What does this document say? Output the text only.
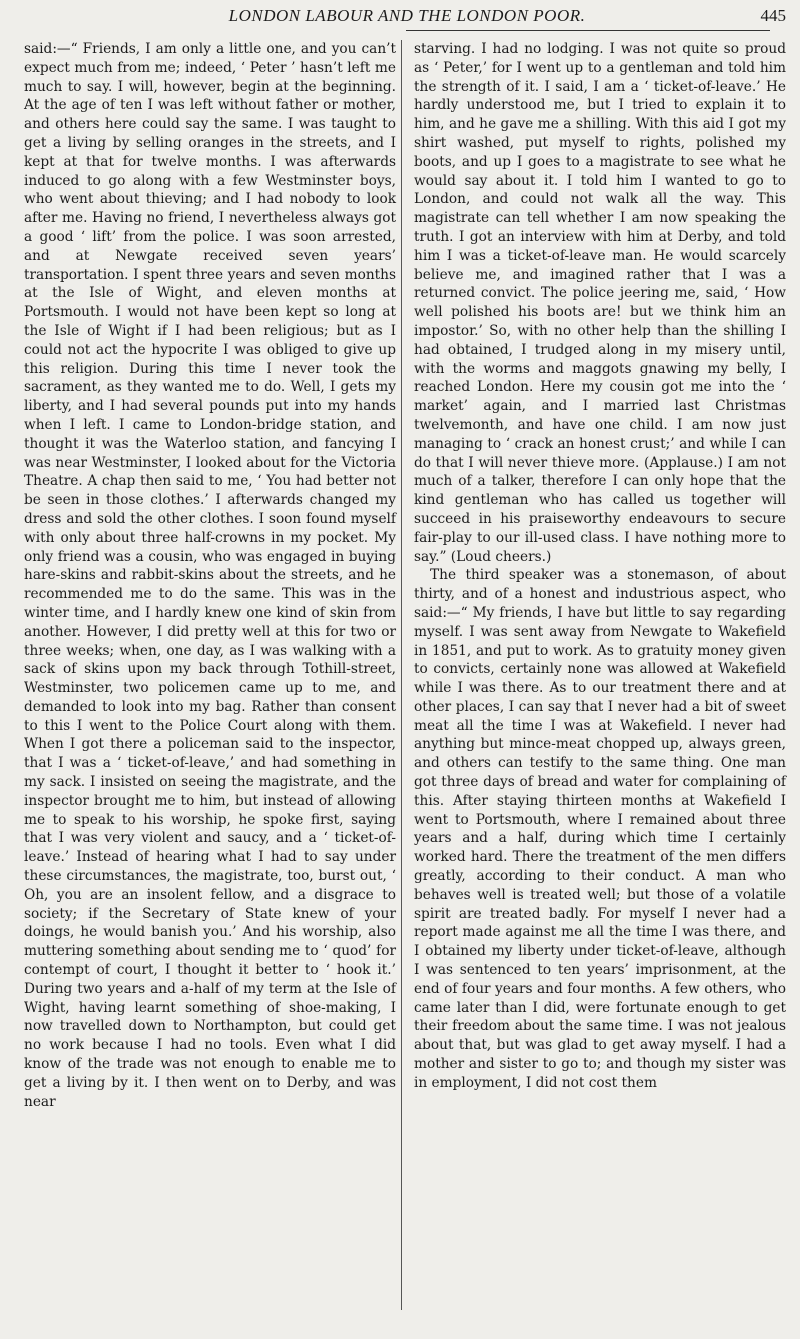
LONDON LABOUR AND THE LONDON POOR.	445

said:—“ Friends, I am only a little one, and you can’t expect much from me; indeed, ‘ Peter ’ hasn’t left me much to say. I will, however, begin at the beginning. At the age of ten I was left without father or mother, and others here could say the same. I was taught to get a living by selling oranges in the streets, and I kept at that for twelve months. I was afterwards induced to go along with a few Westminster boys, who went about thieving; and I had nobody to look after me. Having no friend, I nevertheless always got a good ‘ lift’ from the police. I was soon arrested, and at Newgate received seven years’ transportation. I spent three years and seven months at the Isle of Wight, and eleven months at Portsmouth. I would not have been kept so long at the Isle of Wight if I had been religious; but as I could not act the hypocrite I was obliged to give up this religion. During this time I never took the sacrament, as they wanted me to do. Well, I gets my liberty, and I had several pounds put into my hands when I left. I came to London-bridge station, and thought it was the Waterloo station, and fancying I was near Westminster, I looked about for the Victoria Theatre. A chap then said to me, ‘ You had better not be seen in those clothes.’ I afterwards changed my dress and sold the other clothes. I soon found myself with only about three half-crowns in my pocket. My only friend was a cousin, who was engaged in buying hare-skins and rabbit-skins about the streets, and he recommended me to do the same. This was in the winter time, and I hardly knew one kind of skin from another. However, I did pretty well at this for two or three weeks; when, one day, as I was walking with a sack of skins upon my back through Tothill-street, Westminster, two policemen came up to me, and demanded to look into my bag. Rather than consent to this I went to the Police Court along with them. When I got there a policeman said to the inspector, that I was a ‘ ticket-of-leave,’ and had something in my sack. I insisted on seeing the magistrate, and the inspector brought me to him, but instead of allowing me to speak to his worship, he spoke first, saying that I was very violent and saucy, and a ‘ ticket-of-leave.’ Instead of hearing what I had to say under these circumstances, the magistrate, too, burst out, ‘ Oh, you are an insolent fellow, and a disgrace to society; if the Secretary of State knew of your doings, he would banish you.’ And his worship, also muttering something about sending me to ‘ quod’ for contempt of court, I thought it better to ‘ hook it.’ During two years and a-half of my term at the Isle of Wight, having learnt something of shoe-making, I now travelled down to Northampton, but could get no work because I had no tools. Even what I did know of the trade was not enough to enable me to get a living by it. I then went on to Derby, and was near

starving. I had no lodging. I was not quite so proud as ‘ Peter,’ for I went up to a gentleman and told him the strength of it. I said, I am a ‘ ticket-of-leave.’ He hardly understood me, but I tried to explain it to him, and he gave me a shilling. With this aid I got my shirt washed, put myself to rights, polished my boots, and up I goes to a magistrate to see what he would say about it. I told him I wanted to go to London, and could not walk all the way. This magistrate can tell whether I am now speaking the truth. I got an interview with him at Derby, and told him I was a ticket-of-leave man. He would scarcely believe me, and imagined rather that I was a returned convict. The police jeering me, said, ‘ How well polished his boots are! but we think him an impostor.’ So, with no other help than the shilling I had obtained, I trudged along in my misery until, with the worms and maggots gnawing my belly, I reached London. Here my cousin got me into the ‘ market’ again, and I married last Christmas twelvemonth, and have one child. I am now just managing to ‘ crack an honest crust;’ and while I can do that I will never thieve more. (Applause.) I am not much of a talker, therefore I can only hope that the kind gentleman who has called us together will succeed in his praiseworthy endeavours to secure fair-play to our ill-used class. I have nothing more to say.” (Loud cheers.)

The third speaker was a stonemason, of about thirty, and of a honest and industrious aspect, who said:—“ My friends, I have but little to say regarding myself. I was sent away from Newgate to Wakefield in 1851, and put to work. As to gratuity money given to convicts, certainly none was allowed at Wakefield while I was there. As to our treatment there and at other places, I can say that I never had a bit of sweet meat all the time I was at Wakefield. I never had anything but mince-meat chopped up, always green, and others can testify to the same thing. One man got three days of bread and water for complaining of this. After staying thirteen months at Wakefield I went to Portsmouth, where I remained about three years and a half, during which time I certainly worked hard. There the treatment of the men differs greatly, according to their conduct. A man who behaves well is treated well; but those of a volatile spirit are treated badly. For myself I never had a report made against me all the time I was there, and I obtained my liberty under ticket-of-leave, although I was sentenced to ten years’ imprisonment, at the end of four years and four months. A few others, who came later than I did, were fortunate enough to get their freedom about the same time. I was not jealous about that, but was glad to get away myself. I had a mother and sister to go to; and though my sister was in employment, I did not cost them
